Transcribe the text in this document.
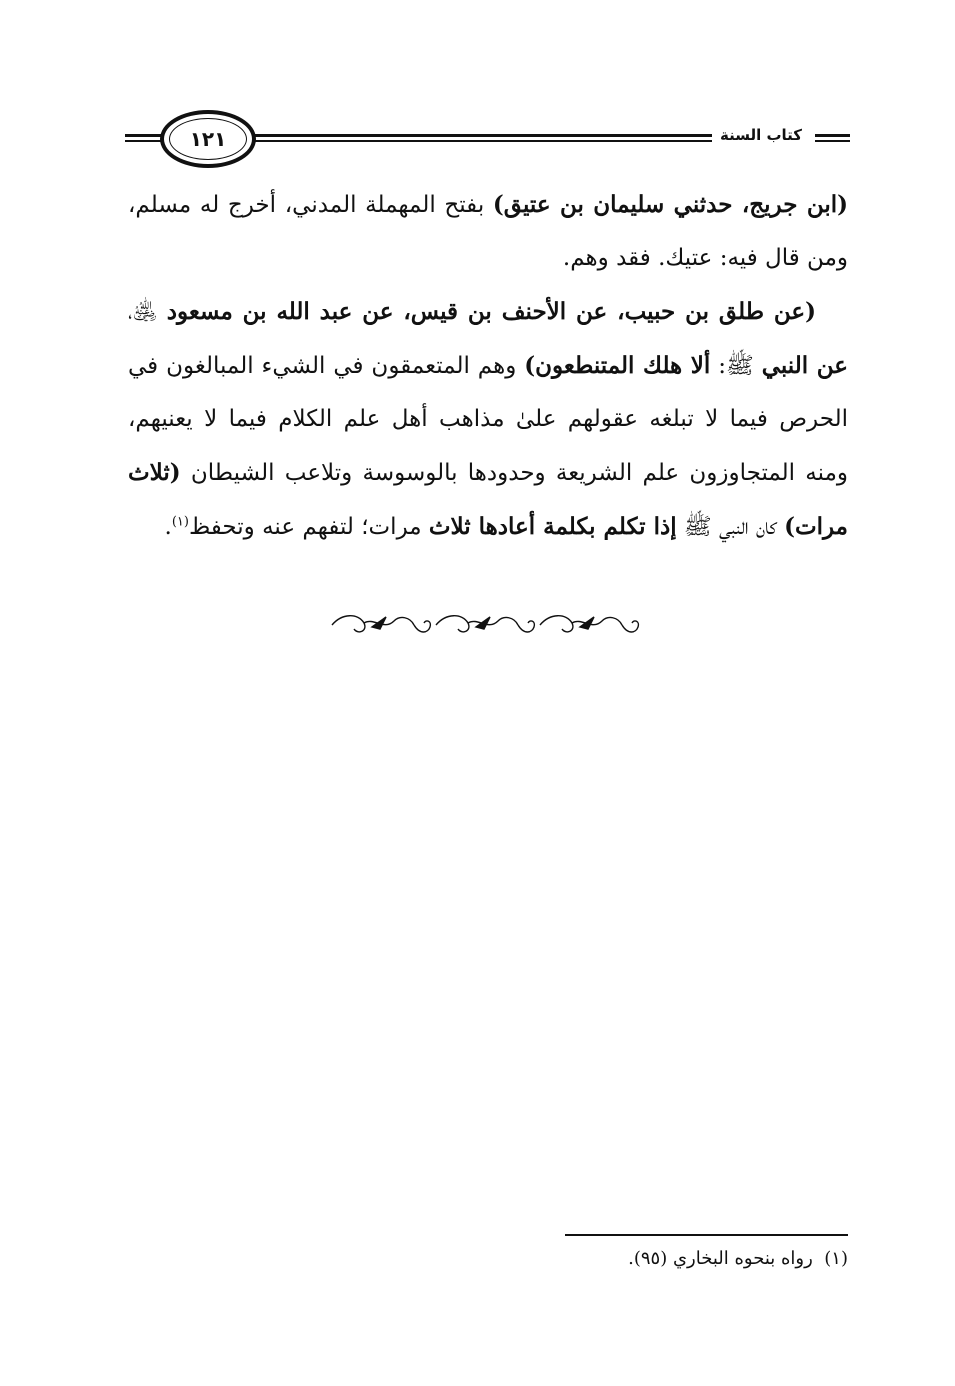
١٢١	كتاب السنة

(ابن جريج، حدثني سليمان بن عتيق) بفتح المهملة المدني، أخرج له مسلم، ومن قال فيه: عتيك. فقد وهم.

(عن طلق بن حبيب، عن الأحنف بن قيس، عن عبد الله بن مسعود ﵁، عن النبي ﷺ: ألا هلك المتنطعون) وهم المتعمقون في الشيء المبالغون في الحرص فيما لا تبلغه عقولهم علىٰ مذاهب أهل علم الكلام فيما لا يعنيهم، ومنه المتجاوزون علم الشريعة وحدودها بالوسوسة وتلاعب الشيطان (ثلاث مرات) كان النبي ﷺ إذا تكلم بكلمة أعادها ثلاث مرات؛ لتفهم عنه وتحفظ$^{(١)}$.

(١)  رواه بنحوه البخاري (٩٥).
